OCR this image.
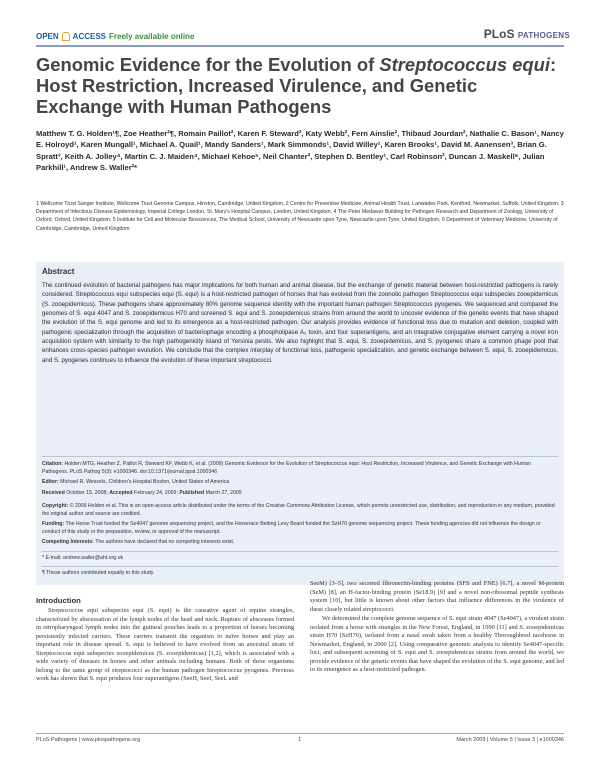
OPEN ACCESS Freely available online	PLoS PATHOGENS
Genomic Evidence for the Evolution of Streptococcus equi: Host Restriction, Increased Virulence, and Genetic Exchange with Human Pathogens
Matthew T. G. Holden¹¶, Zoe Heather²¶, Romain Paillot², Karen F. Steward², Katy Webb², Fern Ainslie², Thibaud Jourdan², Nathalie C. Bason¹, Nancy E. Holroyd¹, Karen Mungall¹, Michael A. Quail¹, Mandy Sanders¹, Mark Simmonds¹, David Willey¹, Karen Brooks¹, David M. Aanensen³, Brian G. Spratt³, Keith A. Jolley⁴, Martin C. J. Maiden⁴, Michael Kehoe⁵, Neil Chanter², Stephen D. Bentley¹, Carl Robinson², Duncan J. Maskell⁶, Julian Parkhill¹, Andrew S. Waller²*
1 Wellcome Trust Sanger Institute, Wellcome Trust Genome Campus, Hinxton, Cambridge, United Kingdom, 2 Centre for Preventive Medicine, Animal Health Trust, Lanwades Park, Kentford, Newmarket, Suffolk, United Kingdom, 3 Department of Infectious Disease Epidemiology, Imperial College London, St. Mary's Hospital Campus, London, United Kingdom, 4 The Peter Medawar Building for Pathogen Research and Department of Zoology, University of Oxford, Oxford, United Kingdom, 5 Institute for Cell and Molecular Biosciences, The Medical School, University of Newcastle upon Tyne, Newcastle upon Tyne, United Kingdom, 6 Department of Veterinary Medicine, University of Cambridge, Cambridge, United Kingdom
Abstract
The continued evolution of bacterial pathogens has major implications for both human and animal disease, but the exchange of genetic material between host-restricted pathogens is rarely considered. Streptococcus equi subspecies equi (S. equi) is a host-restricted pathogen of horses that has evolved from the zoonotic pathogen Streptococcus equi subspecies zooepidemicus (S. zooepidemicus). These pathogens share approximately 80% genome sequence identity with the important human pathogen Streptococcus pyogenes. We sequenced and compared the genomes of S. equi 4047 and S. zooepidemicus H70 and screened S. equi and S. zooepidemicus strains from around the world to uncover evidence of the genetic events that have shaped the evolution of the S. equi genome and led to its emergence as a host-restricted pathogen. Our analysis provides evidence of functional loss due to mutation and deletion, coupled with pathogenic specialization through the acquisition of bacteriophage encoding a phospholipase A₂ toxin, and four superantigens, and an integrative conjugative element carrying a novel iron acquisition system with similarity to the high pathogenicity island of Yersinia pestis. We also highlight that S. equi, S. zooepidemicus, and S. pyogenes share a common phage pool that enhances cross-species pathogen evolution. We conclude that the complex interplay of functional loss, pathogenic specialization, and genetic exchange between S. equi, S. zooepidemicus, and S. pyogenes continues to influence the evolution of these important streptococci.
Citation: Holden MTG, Heather Z, Paillot R, Steward KF, Webb K, et al. (2009) Genomic Evidence for the Evolution of Streptococcus equi: Host Restriction, Increased Virulence, and Genetic Exchange with Human Pathogens. PLoS Pathog 5(3): e1000346. doi:10.1371/journal.ppat.1000346
Editor: Michael R. Wessels, Children's Hospital Boston, United States of America
Received October 15, 2008; Accepted February 24, 2009; Published March 27, 2009
Copyright: © 2009 Holden et al. This is an open-access article distributed under the terms of the Creative Commons Attribution License, which permits unrestricted use, distribution, and reproduction in any medium, provided the original author and source are credited.
Funding: The Horse Trust funded the Se4047 genome sequencing project, and the Horserace Betting Levy Board funded the SzH70 genome sequencing project. These funding agencies did not influence the design or conduct of this study or the preparation, review, or approval of the manuscript.
Competing Interests: The authors have declared that no competing interests exist.
* E-mail: andrew.waller@aht.org.uk
¶ These authors contributed equally to this study.
Introduction
Streptococcus equi subspecies equi (S. equi) is the causative agent of equine strangles, characterized by abscessation of the lymph nodes of the head and neck. Rupture of abscesses formed in retropharyngeal lymph nodes into the guttural pouches leads to a proportion of horses becoming persistently infected carriers. These carriers transmit the organism to naïve horses and play an important role in disease spread. S. equi is believed to have evolved from an ancestral strain of Streptococcus equi subspecies zooepidemicus (S. zooepidemicus) [1,2], which is associated with a wide variety of diseases in horses and other animals including humans. Both of these organisms belong to the same group of streptococci as the human pathogen Streptococcus pyogenes. Previous work has shown that S. equi produces four superantigens (SeeH, SeeI, SeeL and

SeeM) [3–5], two secreted fibronectin-binding proteins (SFS and FNE) [6,7], a novel M-protein (SeM) [8], an H-factor-binding protein (Se18.9) [9] and a novel non-ribosomal peptide synthesis system [10], but little is known about other factors that influence differences in the virulence of these closely related streptococci.

We determined the complete genome sequence of S. equi strain 4047 (Se4047), a virulent strain isolated from a horse with strangles in the New Forest, England, in 1990 [11] and S. zooepidemicus strain H70 (SzH70), isolated from a nasal swab taken from a healthy Thoroughbred racehorse in Newmarket, England, in 2000 [2]. Using comparative genomic analysis to identify Se4047-specific loci, and subsequent screening of S. equi and S. zooepidemicus strains from around the world, we provide evidence of the genetic events that have shaped the evolution of the S. equi genome, and led to its emergence as a host-restricted pathogen.

PLoS Pathogens | www.plospathogens.org	1	March 2009 | Volume 5 | Issue 3 | e1000346
